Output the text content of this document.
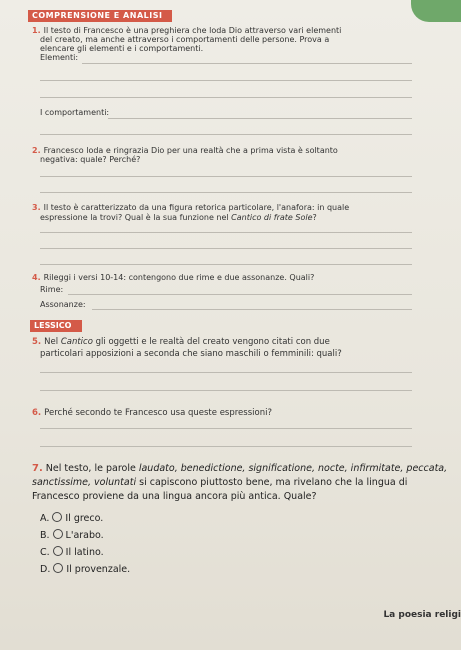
COMPRENSIONE E ANALISI
1. Il testo di Francesco è una preghiera che loda Dio attraverso vari elementi
del creato, ma anche attraverso i comportamenti delle persone. Prova a
elencare gli elementi e i comportamenti.
Elementi:
I comportamenti:
2. Francesco loda e ringrazia Dio per una realtà che a prima vista è soltanto
negativa: quale? Perché?
3. Il testo è caratterizzato da una figura retorica particolare, l'anafora: in quale
espressione la trovi? Qual è la sua funzione nel Cantico di frate Sole?
4. Rileggi i versi 10-14: contengono due rime e due assonanze. Quali?
Rime:
Assonanze:
LESSICO
5. Nel Cantico gli oggetti e le realtà del creato vengono citati con due
particolari apposizioni a seconda che siano maschili o femminili: quali?
6. Perché secondo te Francesco usa queste espressioni?
7. Nel testo, le parole laudato, benedictione, significatione, nocte, infirmitate, peccata, sanctissime, voluntati si capiscono piuttosto bene, ma rivelano che la lingua di Francesco proviene da una lingua ancora più antica. Quale?
A. Il greco.
B. L'arabo.
C. Il latino.
D. Il provenzale.
La poesia religi
